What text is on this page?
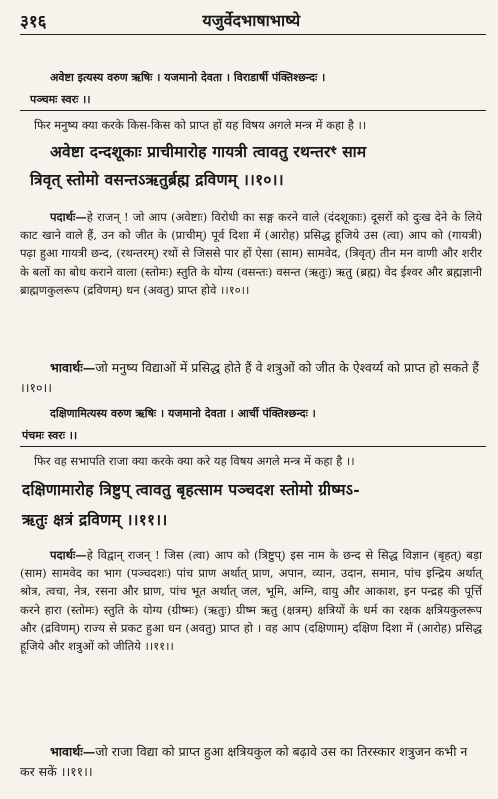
३१६	यजुर्वेदभाषाभाष्ये
अवेष्टा इत्यस्य वरुण ऋषिः । यजमानो देवता । विराडार्षी पंक्तिश्छन्दः ।
पञ्चमः स्वरः ।।
फिर मनुष्य क्या करके किस-किस को प्राप्त हों यह विषय अगले मन्त्र में कहा है ।।
अवेष्टा दन्दशूकाः प्राचीमारोह गायत्री त्वावतु रथन्तरꣳ साम
त्रिवृत् स्तोमो वसन्तऽऋतुर्ब्रह्म द्रविणम् ।।१०।।
पदार्थः—हे राजन् ! जो आप (अवेष्टाः) विरोधी का सङ्ग करने वाले (दंदशूकाः) दूसरों को दुःख देने के लिये काट खाने वाले हैं, उन को जीत के (प्राचीम्) पूर्व दिशा में (आरोह) प्रसिद्ध हूजिये उस (त्वा) आप को (गायत्री) पढ़ा हुआ गायत्री छन्द, (रथन्तरम्) रथों से जिससे पार हों ऐसा (साम) सामवेद, (त्रिवृत्) तीन मन वाणी और शरीर के बलों का बोध कराने वाला (स्तोमः) स्तुति के योग्य (वसन्तः) वसन्त (ऋतुः) ऋतु (ब्रह्म) वेद ईश्वर और ब्रह्मज्ञानी ब्राह्मणकुलरूप (द्रविणम्) धन (अवतु) प्राप्त होवे ।।१०।।
भावार्थः—जो मनुष्य विद्याओं में प्रसिद्ध होते हैं वे शत्रुओं को जीत के ऐश्वर्य्य को प्राप्त हो सकते हैं ।।१०।।
दक्षिणामित्यस्य वरुण ऋषिः । यजमानो देवता । आर्ची पंक्तिश्छन्दः ।
पंचमः स्वरः ।।
फिर वह सभापति राजा क्या करके क्या करे यह विषय अगले मन्त्र में कहा है ।।
दक्षिणामारोह त्रिष्टुप् त्वावतु बृहत्साम पञ्चदश स्तोमो ग्रीष्मऽ-
ऋतुः क्षत्रं द्रविणम् ।।११।।
पदार्थः—हे विद्वान् राजन् ! जिस (त्वा) आप को (त्रिष्टुप्) इस नाम के छन्द से सिद्ध विज्ञान (बृहत्) बड़ा (साम) सामवेद का भाग (पञ्चदशः) पांच प्राण अर्थात् प्राण, अपान, व्यान, उदान, समान, पांच इन्द्रिय अर्थात् श्रोत्र, त्वचा, नेत्र, रसना और घ्राण, पांच भूत अर्थात् जल, भूमि, अग्नि, वायु और आकाश, इन पन्द्रह की पूर्त्ति करने हारा (स्तोमः) स्तुति के योग्य (ग्रीष्मः) (ऋतुः) ग्रीष्म ऋतु (क्षत्रम्) क्षत्रियों के धर्म का रक्षक क्षत्रियकुलरूप और (द्रविणम्) राज्य से प्रकट हुआ धन (अवतु) प्राप्त हो । वह आप (दक्षिणाम्) दक्षिण दिशा में (आरोह) प्रसिद्ध हूजिये और शत्रुओं को जीतिये ।।११।।
भावार्थः—जो राजा विद्या को प्राप्त हुआ क्षत्रियकुल को बढ़ावे उस का तिरस्कार शत्रुजन कभी न कर सकें ।।११।।
